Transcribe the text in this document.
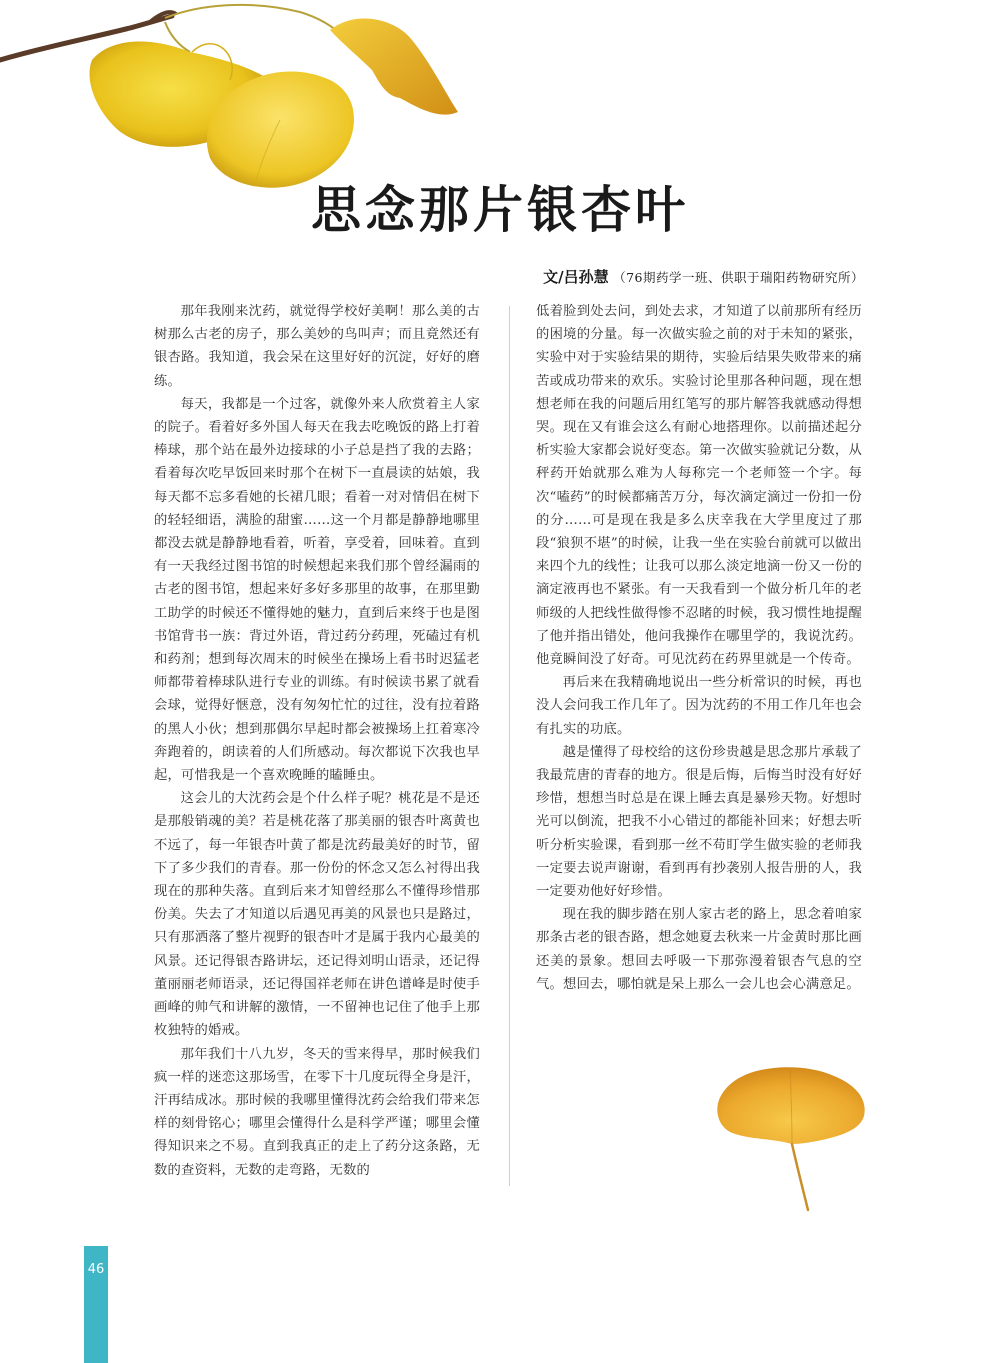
思念那片银杏叶
文/吕孙慧 （76期药学一班、供职于瑞阳药物研究所）

那年我刚来沈药，就觉得学校好美啊！那么美的古树那么古老的房子，那么美妙的鸟叫声；而且竟然还有银杏路。我知道，我会呆在这里好好的沉淀，好好的磨练。

每天，我都是一个过客，就像外来人欣赏着主人家的院子。看着好多外国人每天在我去吃晚饭的路上打着棒球，那个站在最外边接球的小子总是挡了我的去路；看着每次吃早饭回来时那个在树下一直晨读的姑娘，我每天都不忘多看她的长裙几眼；看着一对对情侣在树下的轻轻细语，满脸的甜蜜……这一个月都是静静地哪里都没去就是静静地看着，听着，享受着，回味着。直到有一天我经过图书馆的时候想起来我们那个曾经漏雨的古老的图书馆，想起来好多好多那里的故事，在那里勤工助学的时候还不懂得她的魅力，直到后来终于也是图书馆背书一族：背过外语，背过药分药理，死磕过有机和药剂；想到每次周末的时候坐在操场上看书时迟猛老师都带着棒球队进行专业的训练。有时候读书累了就看会球，觉得好惬意，没有匆匆忙忙的过往，没有拉着路的黑人小伙；想到那偶尔早起时都会被操场上扛着寒冷奔跑着的，朗读着的人们所感动。每次都说下次我也早起，可惜我是一个喜欢晚睡的瞌睡虫。

这会儿的大沈药会是个什么样子呢？桃花是不是还是那般销魂的美？若是桃花落了那美丽的银杏叶离黄也不远了，每一年银杏叶黄了都是沈药最美好的时节，留下了多少我们的青春。那一份份的怀念又怎么衬得出我现在的那种失落。直到后来才知曾经那么不懂得珍惜那份美。失去了才知道以后遇见再美的风景也只是路过，只有那洒落了整片视野的银杏叶才是属于我内心最美的风景。还记得银杏路讲坛，还记得刘明山语录，还记得董丽丽老师语录，还记得国祥老师在讲色谱峰是时使手画峰的帅气和讲解的激情，一不留神也记住了他手上那枚独特的婚戒。

那年我们十八九岁，冬天的雪来得早，那时候我们疯一样的迷恋这那场雪，在零下十几度玩得全身是汗，汗再结成冰。那时候的我哪里懂得沈药会给我们带来怎样的刻骨铭心；哪里会懂得什么是科学严谨；哪里会懂得知识来之不易。直到我真正的走上了药分这条路，无数的查资料，无数的走弯路，无数的

低着脸到处去问，到处去求，才知道了以前那所有经历的困境的分量。每一次做实验之前的对于未知的紧张，实验中对于实验结果的期待，实验后结果失败带来的痛苦或成功带来的欢乐。实验讨论里那各种问题，现在想想老师在我的问题后用红笔写的那片解答我就感动得想哭。现在又有谁会这么有耐心地搭理你。以前描述起分析实验大家都会说好变态。第一次做实验就记分数，从秤药开始就那么难为人每称完一个老师签一个字。每次“嗑药”的时候都痛苦万分，每次滴定滴过一份扣一份的分……可是现在我是多么庆幸我在大学里度过了那段“狼狈不堪”的时候，让我一坐在实验台前就可以做出来四个九的线性；让我可以那么淡定地滴一份又一份的滴定液再也不紧张。有一天我看到一个做分析几年的老师级的人把线性做得惨不忍睹的时候，我习惯性地提醒了他并指出错处，他问我操作在哪里学的，我说沈药。他竟瞬间没了好奇。可见沈药在药界里就是一个传奇。

再后来在我精确地说出一些分析常识的时候，再也没人会问我工作几年了。因为沈药的不用工作几年也会有扎实的功底。

越是懂得了母校给的这份珍贵越是思念那片承载了我最荒唐的青春的地方。很是后悔，后悔当时没有好好珍惜，想想当时总是在课上睡去真是暴殄天物。好想时光可以倒流，把我不小心错过的都能补回来；好想去听听分析实验课，看到那一丝不苟盯学生做实验的老师我一定要去说声谢谢，看到再有抄袭别人报告册的人，我一定要劝他好好珍惜。

现在我的脚步踏在别人家古老的路上，思念着咱家那条古老的银杏路，想念她夏去秋来一片金黄时那比画还美的景象。想回去呼吸一下那弥漫着银杏气息的空气。想回去，哪怕就是呆上那么一会儿也会心满意足。

46
